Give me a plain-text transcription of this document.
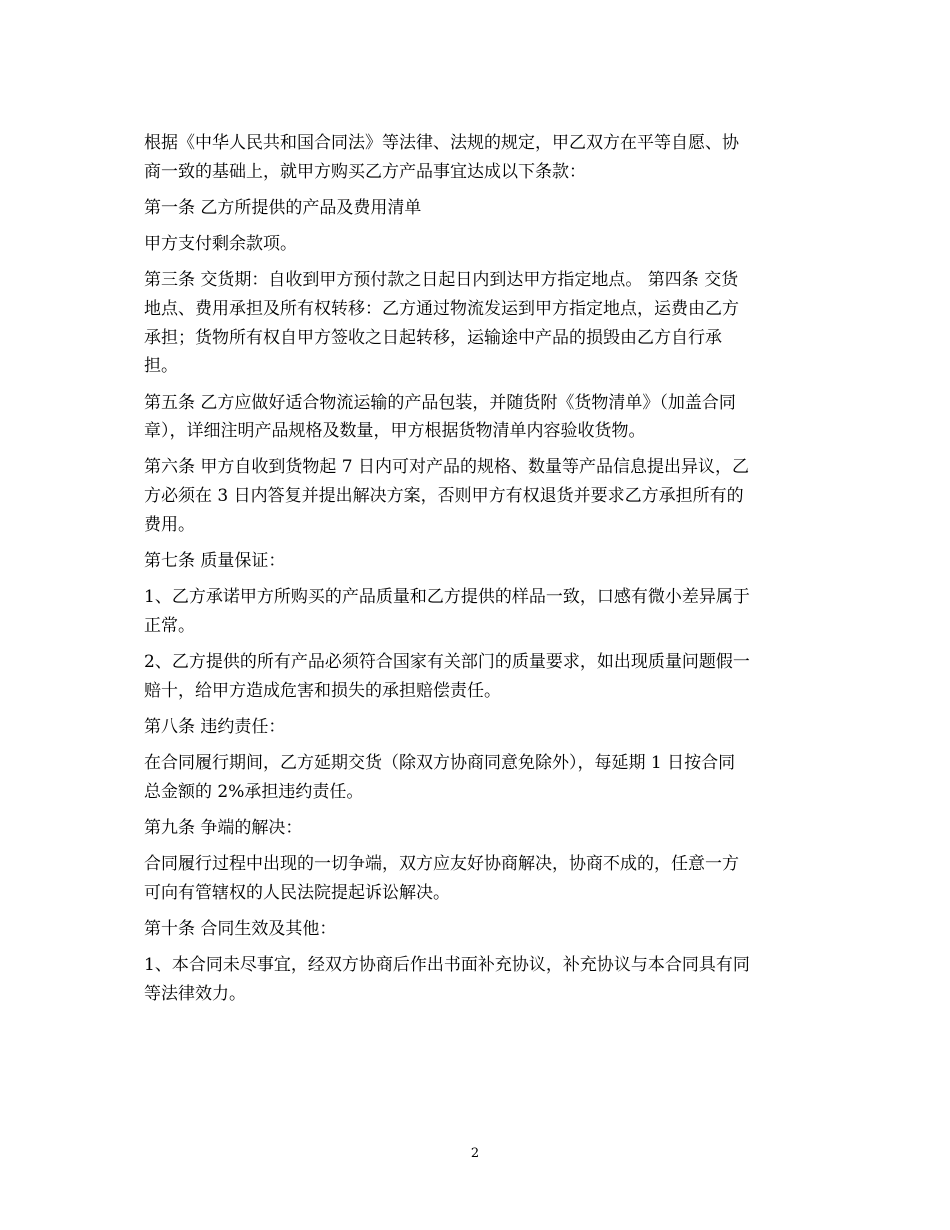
根据《中华人民共和国合同法》等法律、法规的规定，甲乙双方在平等自愿、协
商一致的基础上，就甲方购买乙方产品事宜达成以下条款：

第一条 乙方所提供的产品及费用清单

甲方支付剩余款项。

第三条 交货期：自收到甲方预付款之日起日内到达甲方指定地点。 第四条 交货
地点、费用承担及所有权转移：乙方通过物流发运到甲方指定地点，运费由乙方
承担；货物所有权自甲方签收之日起转移，运输途中产品的损毁由乙方自行承
担。

第五条 乙方应做好适合物流运输的产品包装，并随货附《货物清单》（加盖合同
章），详细注明产品规格及数量，甲方根据货物清单内容验收货物。

第六条 甲方自收到货物起 7 日内可对产品的规格、数量等产品信息提出异议，乙
方必须在 3 日内答复并提出解决方案，否则甲方有权退货并要求乙方承担所有的
费用。

第七条 质量保证：

1、乙方承诺甲方所购买的产品质量和乙方提供的样品一致，口感有微小差异属于
正常。

2、乙方提供的所有产品必须符合国家有关部门的质量要求，如出现质量问题假一
赔十，给甲方造成危害和损失的承担赔偿责任。

第八条 违约责任：

在合同履行期间，乙方延期交货（除双方协商同意免除外），每延期 1 日按合同
总金额的 2%承担违约责任。

第九条 争端的解决：

合同履行过程中出现的一切争端，双方应友好协商解决，协商不成的，任意一方
可向有管辖权的人民法院提起诉讼解决。

第十条 合同生效及其他：

1、本合同未尽事宜，经双方协商后作出书面补充协议，补充协议与本合同具有同
等法律效力。

2
